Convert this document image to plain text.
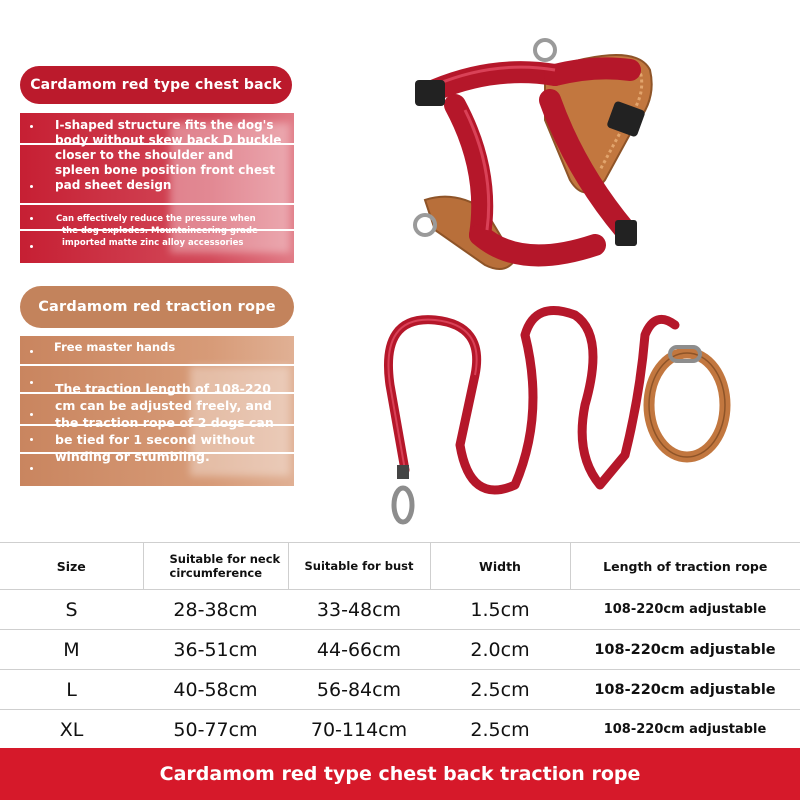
Cardamom red type chest back
I-shaped structure fits the dog's
body without skew back D buckle
closer to the shoulder and
spleen bone position front chest
pad sheet design
Can effectively reduce the pressure when
the dog explodes. Mountaineering grade
imported matte zinc alloy accessories
Cardamom red traction rope
Free master hands
The traction length of 108-220
cm can be adjusted freely, and
the traction rope of 2 dogs can
be tied for 1 second without
winding or stumbling.
Size	Suitable for neck circumference	Suitable for bust	Width	Length of traction rope
S	28-38cm	33-48cm	1.5cm	108-220cm adjustable
M	36-51cm	44-66cm	2.0cm	108-220cm adjustable
L	40-58cm	56-84cm	2.5cm	108-220cm adjustable
XL	50-77cm	70-114cm	2.5cm	108-220cm adjustable
Cardamom red type chest back traction rope
